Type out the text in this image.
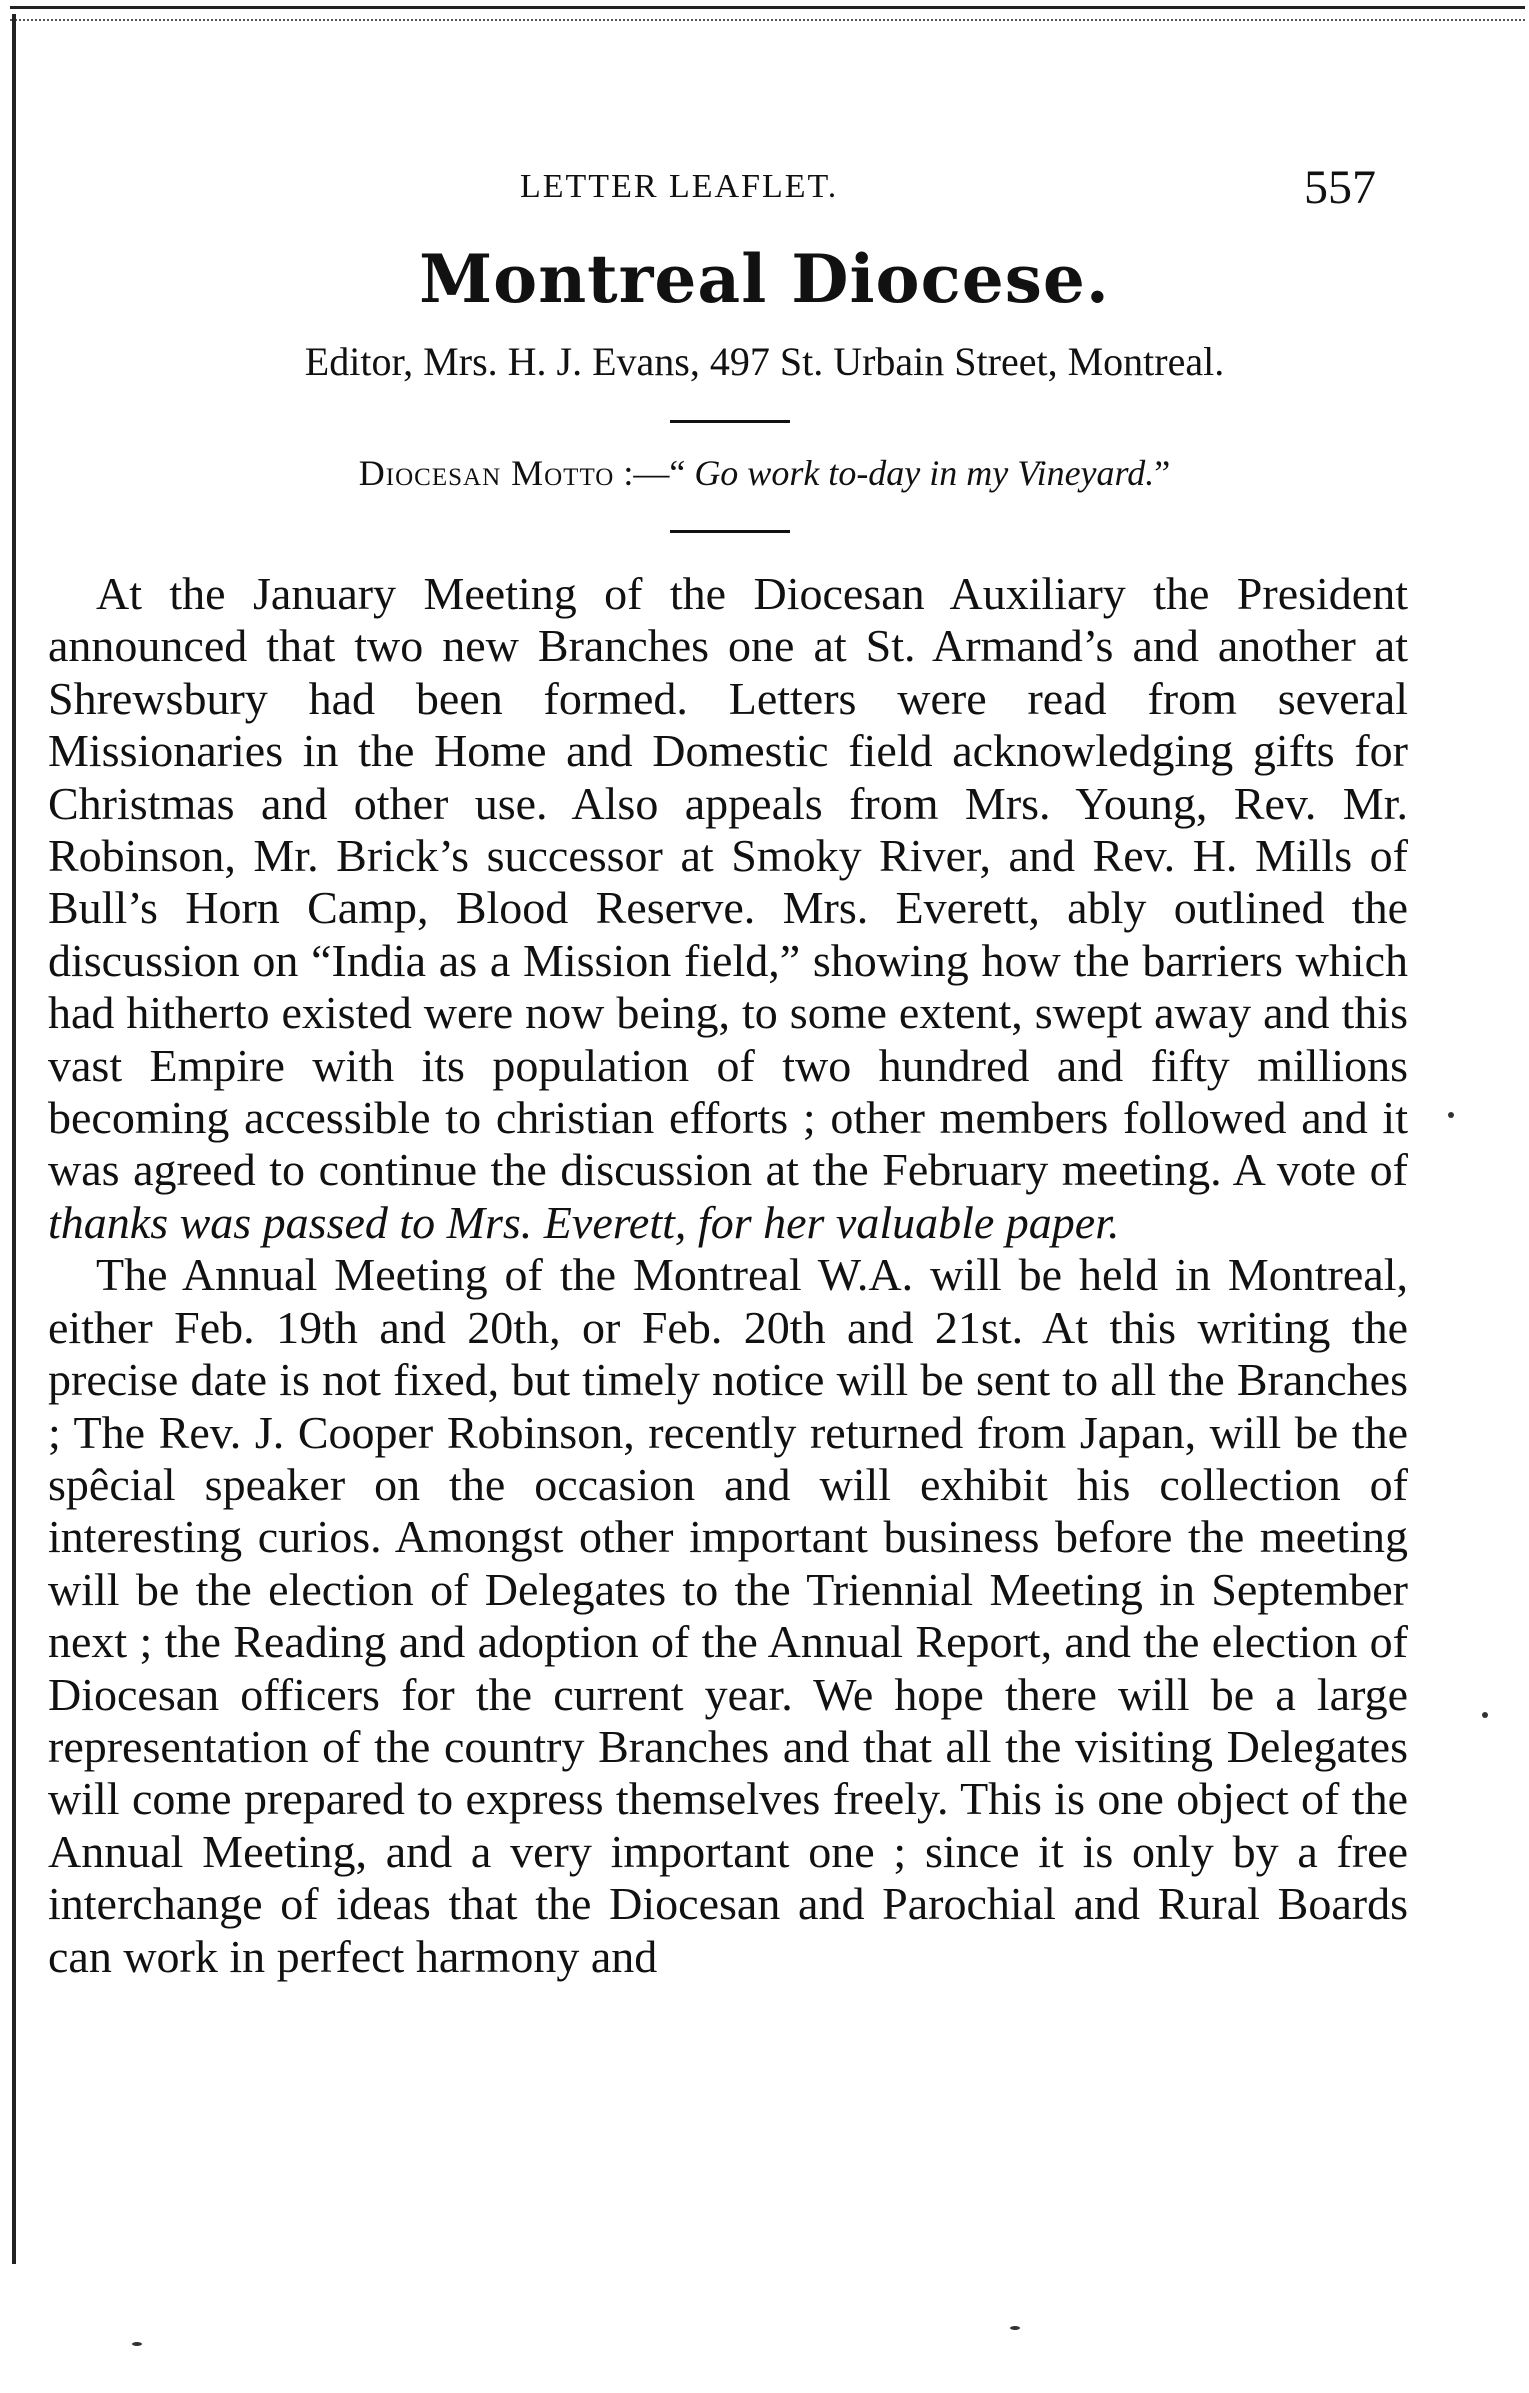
LETTER LEAFLET.	557
Montreal Diocese.
Editor, Mrs. H. J. Evans, 497 St. Urbain Street, Montreal.
Diocesan Motto :—“ Go work to-day in my Vineyard.”

At the January Meeting of the Diocesan Auxiliary the President announced that two new Branches one at St. Armand’s and another at Shrewsbury had been formed. Letters were read from several Missionaries in the Home and Domestic field acknowledging gifts for Christmas and other use. Also appeals from Mrs. Young, Rev. Mr. Robinson, Mr. Brick’s successor at Smoky River, and Rev. H. Mills of Bull’s Horn Camp, Blood Reserve. Mrs. Everett, ably outlined the discussion on “India as a Mission field,” showing how the barriers which had hitherto existed were now being, to some extent, swept away and this vast Empire with its population of two hundred and fifty millions becoming accessible to christian efforts ; other members followed and it was agreed to continue the discussion at the February meeting. A vote of thanks was passed to Mrs. Everett, for her valuable paper.

The Annual Meeting of the Montreal W.A. will be held in Montreal, either Feb. 19th and 20th, or Feb. 20th and 21st. At this writing the precise date is not fixed, but timely notice will be sent to all the Branches ; The Rev. J. Cooper Robinson, recently returned from Japan, will be the spêcial speaker on the occasion and will exhibit his collection of interesting curios. Amongst other important business before the meeting will be the election of Delegates to the Triennial Meeting in September next ; the Reading and adoption of the Annual Report, and the election of Diocesan officers for the current year. We hope there will be a large representation of the country Branches and that all the visiting Delegates will come prepared to express themselves freely. This is one object of the Annual Meeting, and a very important one ; since it is only by a free interchange of ideas that the Diocesan and Parochial and Rural Boards can work in perfect harmony and
